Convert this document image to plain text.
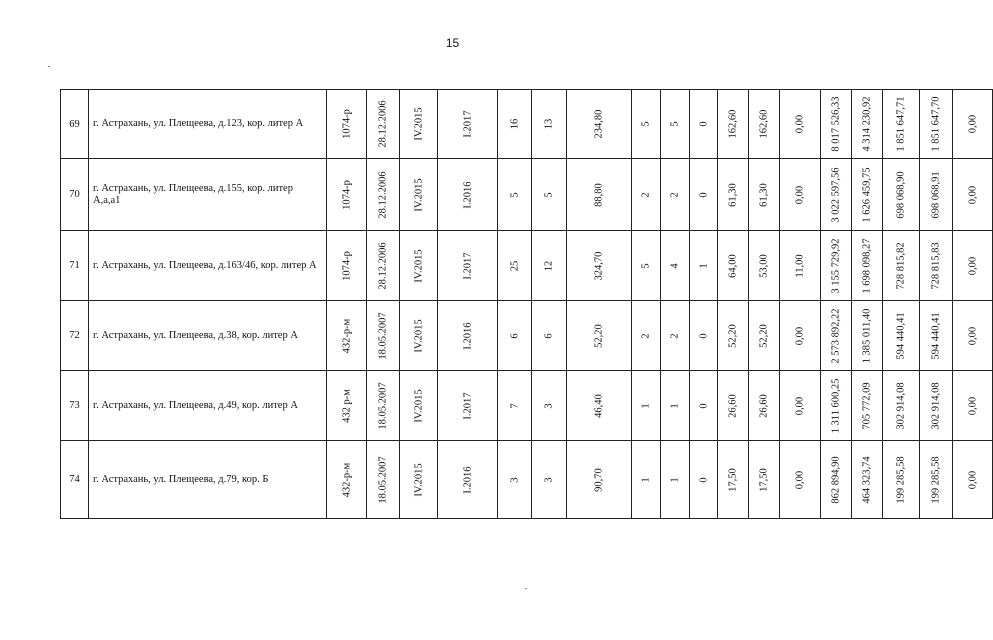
15
69	г. Астрахань, ул. Плещеева, д.123, кор. литер А	1074-р	28.12.2006	IV.2015	I.2017	16	13	234,80	5	5	0	162,60	162,60	0,00	8 017 526,33	4 314 230,92	1 851 647,71	1 851 647,70	0,00

70	г. Астрахань, ул. Плещеева, д.155, кор. литер А,а,а1	1074-р	28.12.2006	IV.2015	I.2016	5	5	88,80	2	2	0	61,30	61,30	0,00	3 022 597,56	1 626 459,75	698 068,90	698 068,91	0,00

71	г. Астрахань, ул. Плещеева, д.163/46, кор. литер А	1074-р	28.12.2006	IV.2015	I.2017	25	12	324,70	5	4	1	64,00	53,00	11,00	3 155 729,92	1 698 098,27	728 815,82	728 815,83	0,00

72	г. Астрахань, ул. Плещеева, д.38, кор. литер А	432-р-м	18.05.2007	IV.2015	I.2016	6	6	52,20	2	2	0	52,20	52,20	0,00	2 573 892,22	1 385 011,40	594 440,41	594 440,41	0,00

73	г. Астрахань, ул. Плещеева, д.49, кор. литер А	432 р-м	18.05.2007	IV.2015	I.2017	7	3	46,40	1	1	0	26,60	26,60	0,00	1 311 600,25	705 772,09	302 914,08	302 914,08	0,00

74	г. Астрахань, ул. Плещеева, д.79, кор. Б	432-р-м	18.05.2007	IV.2015	I.2016	3	3	90,70	1	1	0	17,50	17,50	0,00	862 894,90	464 323,74	199 285,58	199 285,58	0,00
